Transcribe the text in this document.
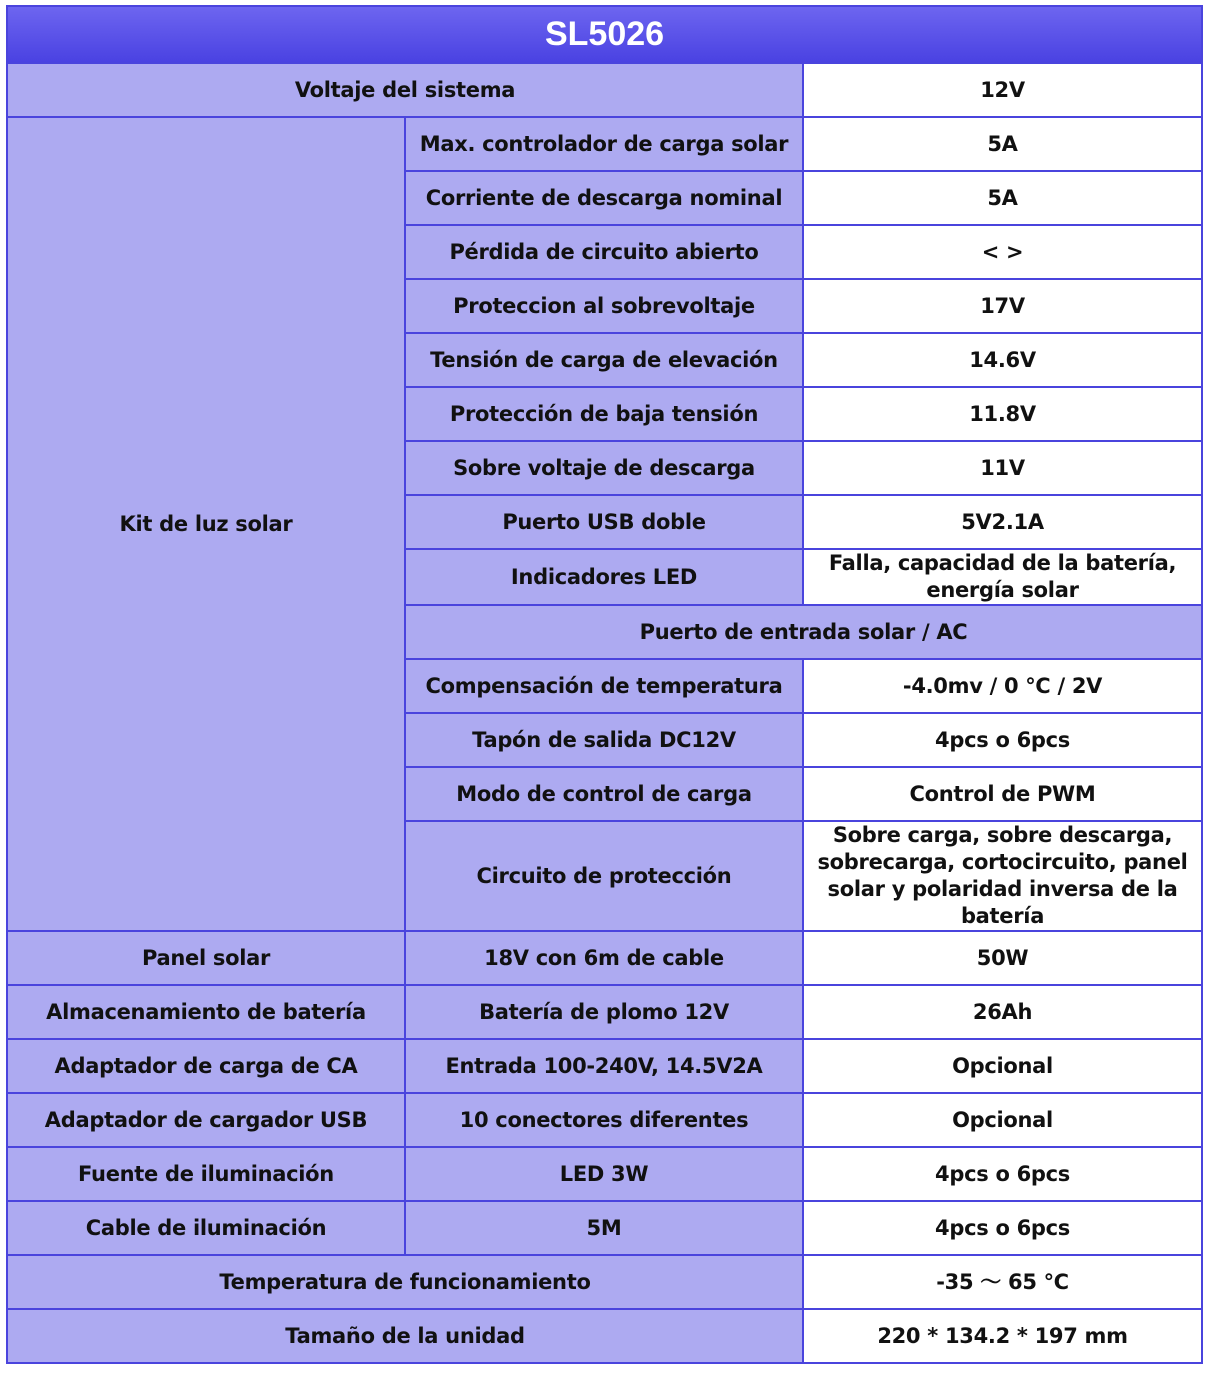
SL5026		
Voltaje del sistema		12V
Kit de luz solar	Max. controlador de carga solar	5A
	Corriente de descarga nominal	5A
	Pérdida de circuito abierto	< >
	Proteccion al sobrevoltaje	17V
	Tensión de carga de elevación	14.6V
	Protección de baja tensión	11.8V
	Sobre voltaje de descarga	11V
	Puerto USB doble	5V2.1A
	Indicadores LED	Falla, capacidad de la batería, energía solar
	Puerto de entrada solar / AC	
	Compensación de temperatura	-4.0mv / 0 ℃ / 2V
	Tapón de salida DC12V	4pcs o 6pcs
	Modo de control de carga	Control de PWM
	Circuito de protección	Sobre carga, sobre descarga, sobrecarga, cortocircuito, panel solar y polaridad inversa de la batería
Panel solar	18V con 6m de cable	50W
Almacenamiento de batería	Batería de plomo 12V	26Ah
Adaptador de carga de CA	Entrada 100-240V, 14.5V2A	Opcional
Adaptador de cargador USB	10 conectores diferentes	Opcional
Fuente de iluminación	LED 3W	4pcs o 6pcs
Cable de iluminación	5M	4pcs o 6pcs
Temperatura de funcionamiento		-35 ～ 65 ℃
Tamaño de la unidad		220 * 134.2 * 197 mm
